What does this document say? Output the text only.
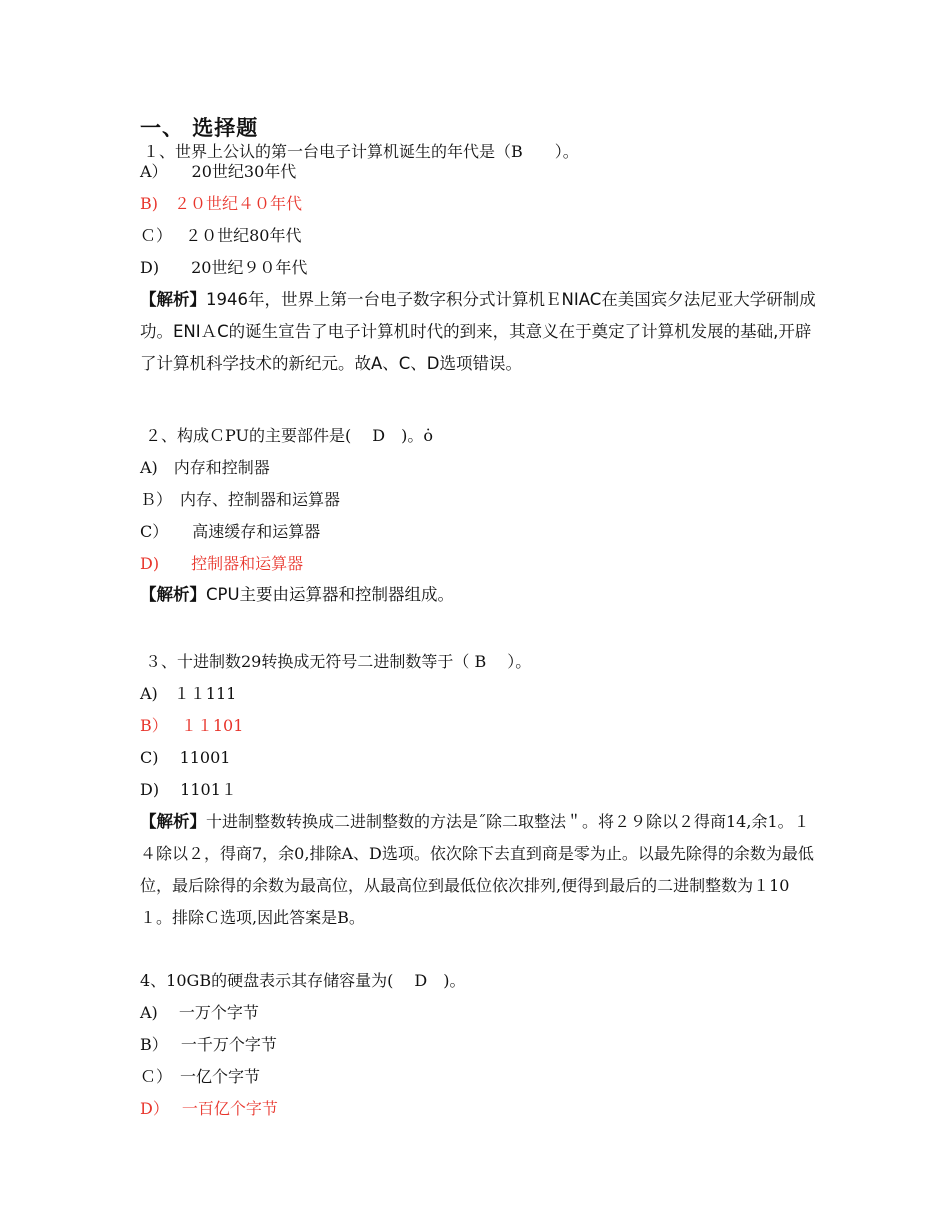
一、 选择题
１、世界上公认的第一台电子计算机诞生的年代是（B　　）。
A）　　20世纪30年代
B)　２０世纪４０年代
Ｃ）　 ２０世纪80年代
D)　　20世纪９０年代
【解析】1946年，世界上第一台电子数字积分式计算机ＥNIAC在美国宾夕法尼亚大学研制成功。ENIＡC的诞生宣告了电子计算机时代的到来，其意义在于奠定了计算机发展的基础,开辟了计算机科学技术的新纪元。故A、C、D选项错误。
２、构成ＣPU的主要部件是(　 D　)。ȯ
A)　内存和控制器
Ｂ）　内存、控制器和运算器
C）　　高速缓存和运算器
D)　　控制器和运算器
【解析】CPU主要由运算器和控制器组成。
３、十进制数29转换成无符号二进制数等于（ B　 ）。
A)　１１111
B）　 １１101
C)　 11001
D)　 1101１
【解析】十进制整数转换成二进制整数的方法是˝除二取整法＂。将２９除以２得商14,余1。１４除以２，得商7，余0,排除A、D选项。依次除下去直到商是零为止。以最先除得的余数为最低位，最后除得的余数为最高位，从最高位到最低位依次排列,便得到最后的二进制整数为１10１。排除Ｃ选项,因此答案是B。
4、10GB的硬盘表示其存储容量为(　 D　)。
A)　 一万个字节
B）　 一千万个字节
Ｃ）　一亿个字节
D）　 一百亿个字节
